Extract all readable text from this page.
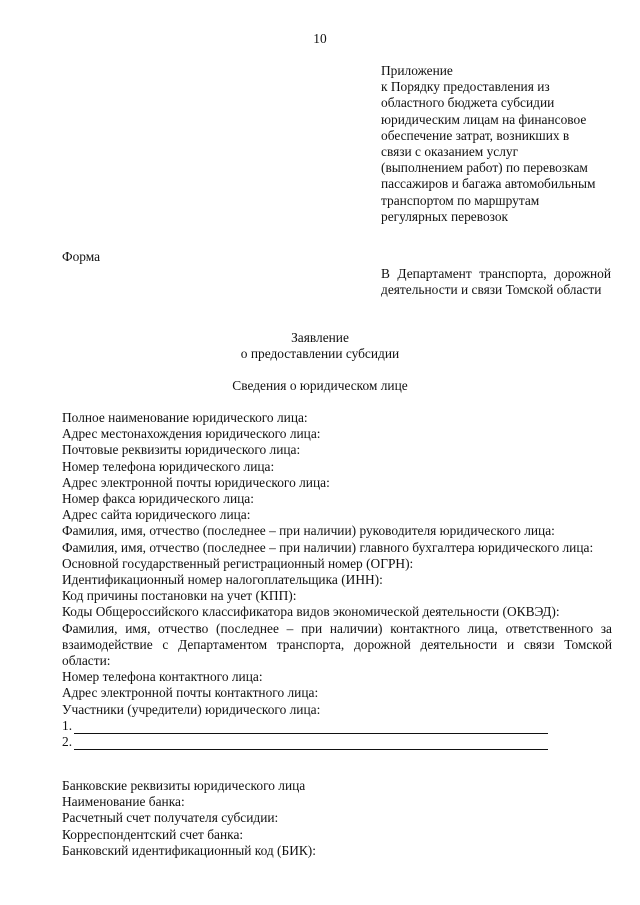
10
Приложение
к Порядку предоставления из
областного бюджета субсидии
юридическим лицам на финансовое
обеспечение затрат, возникших в
связи с оказанием услуг
(выполнением работ) по перевозкам
пассажиров и багажа автомобильным
транспортом по маршрутам
регулярных перевозок
Форма
В Департамент транспорта, дорожной деятельности и связи Томской области
Заявление
о предоставлении субсидии
Сведения о юридическом лице
Полное наименование юридического лица:
Адрес местонахождения юридического лица:
Почтовые реквизиты юридического лица:
Номер телефона юридического лица:
Адрес электронной почты юридического лица:
Номер факса юридического лица:
Адрес сайта юридического лица:
Фамилия, имя, отчество (последнее – при наличии) руководителя юридического лица:
Фамилия, имя, отчество (последнее – при наличии) главного бухгалтера юридического лица:
Основной государственный регистрационный номер (ОГРН):
Идентификационный номер налогоплательщика (ИНН):
Код причины постановки на учет (КПП):
Коды Общероссийского классификатора видов экономической деятельности (ОКВЭД):
Фамилия, имя, отчество (последнее – при наличии) контактного лица, ответственного за взаимодействие с Департаментом транспорта, дорожной деятельности и связи Томской области:
Номер телефона контактного лица:
Адрес электронной почты контактного лица:
Участники (учредители) юридического лица:
1.
2.
Банковские реквизиты юридического лица
Наименование банка:
Расчетный счет получателя субсидии:
Корреспондентский счет банка:
Банковский идентификационный код (БИК):
